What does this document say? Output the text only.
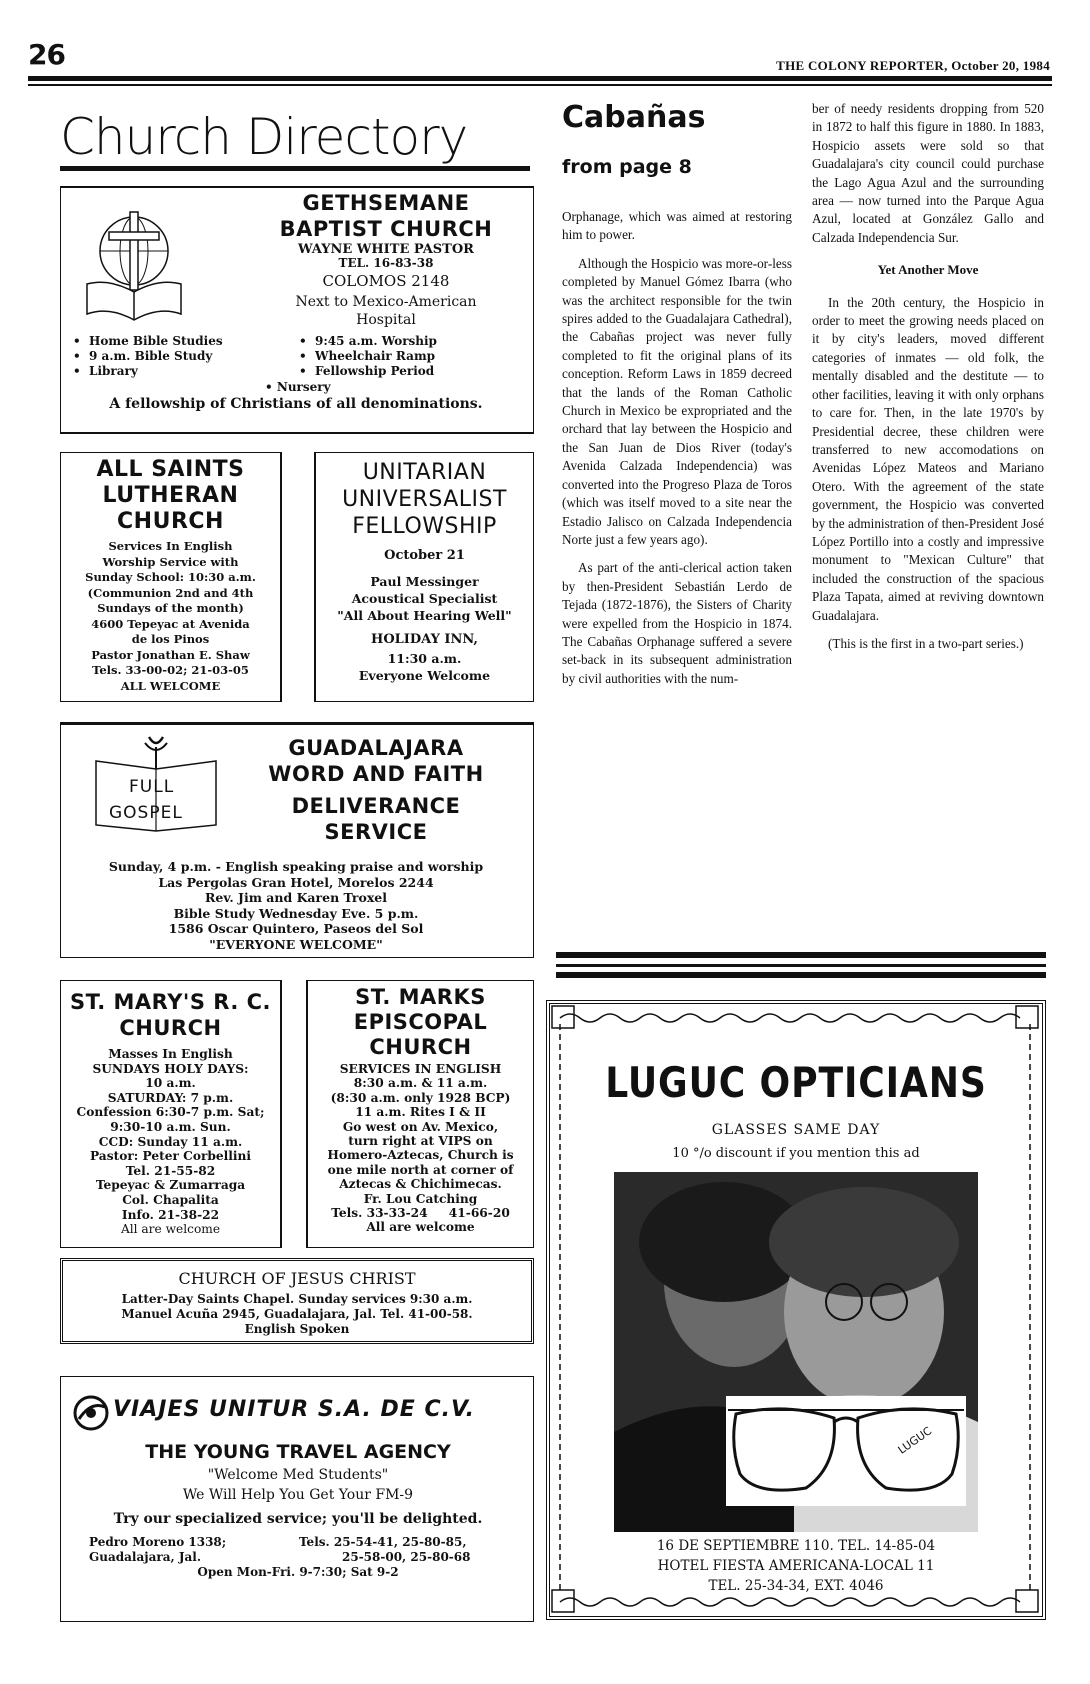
26	THE COLONY REPORTER, October 20, 1984
Church Directory
GETHSEMANE
BAPTIST CHURCH
WAYNE WHITE PASTOR
TEL. 16-83-38
COLOMOS 2148
Next to Mexico-American
Hospital
•  Home Bible Studies
•  9 a.m. Bible Study
•  Library
•  9:45 a.m. Worship
•  Wheelchair Ramp
•  Fellowship Period
• Nursery
A fellowship of Christians of all denominations.
ALL SAINTS
LUTHERAN
CHURCH
Services In English
Worship Service with
Sunday School: 10:30 a.m.
(Communion 2nd and 4th
Sundays of the month)
4600 Tepeyac at Avenida
de los Pinos
Pastor Jonathan E. Shaw
Tels. 33-00-02; 21-03-05
ALL WELCOME
UNITARIAN
UNIVERSALIST
FELLOWSHIP
October 21
Paul Messinger
Acoustical Specialist
"All About Hearing Well"
HOLIDAY INN,
11:30 a.m.
Everyone Welcome
FULL
GOSPEL
GUADALAJARA
WORD AND FAITH
DELIVERANCE
SERVICE
Sunday, 4 p.m. - English speaking praise and worship
Las Pergolas Gran Hotel, Morelos 2244
Rev. Jim and Karen Troxel
Bible Study Wednesday Eve. 5 p.m.
1586 Oscar Quintero, Paseos del Sol
"EVERYONE WELCOME"
ST. MARY'S R. C.
CHURCH
Masses In English
SUNDAYS HOLY DAYS:
10 a.m.
SATURDAY: 7 p.m.
Confession 6:30-7 p.m. Sat;
9:30-10 a.m. Sun.
CCD: Sunday 11 a.m.
Pastor: Peter Corbellini
Tel. 21-55-82
Tepeyac & Zumarraga
Col. Chapalita
Info. 21-38-22
All are welcome
ST. MARKS
EPISCOPAL
CHURCH
SERVICES IN ENGLISH
8:30 a.m. & 11 a.m.
(8:30 a.m. only 1928 BCP)
11 a.m. Rites I & II
Go west on Av. Mexico,
turn right at VIPS on
Homero-Aztecas, Church is
one mile north at corner of
Aztecas & Chichimecas.
Fr. Lou Catching
Tels. 33-33-24     41-66-20
All are welcome
CHURCH OF JESUS CHRIST
Latter-Day Saints Chapel. Sunday services 9:30 a.m.
Manuel Acuña 2945, Guadalajara, Jal. Tel. 41-00-58.
English Spoken
VIAJES UNITUR S.A. DE C.V.
THE YOUNG TRAVEL AGENCY
"Welcome Med Students"
We Will Help You Get Your FM-9
Try our specialized service; you'll be delighted.
Pedro Moreno 1338;
Guadalajara, Jal.
Tels. 25-54-41, 25-80-85,
25-58-00, 25-80-68
Open Mon-Fri. 9-7:30; Sat 9-2
Cabañas
from page 8

Orphanage, which was aimed at restoring him to power.

Although the Hospicio was more-or-less completed by Manuel Gómez Ibarra (who was the architect responsible for the twin spires added to the Guadalajara Cathedral), the Cabañas project was never fully completed to fit the original plans of its conception. Reform Laws in 1859 decreed that the lands of the Roman Catholic Church in Mexico be expropriated and the orchard that lay between the Hospicio and the San Juan de Dios River (today's Avenida Calzada Independencia) was converted into the Progreso Plaza de Toros (which was itself moved to a site near the Estadio Jalisco on Calzada Independencia Norte just a few years ago).

As part of the anti-clerical action taken by then-President Sebastián Lerdo de Tejada (1872-1876), the Sisters of Charity were expelled from the Hospicio in 1874. The Cabañas Orphanage suffered a severe set-back in its subsequent administration by civil authorities with the num-

ber of needy residents dropping from 520 in 1872 to half this figure in 1880. In 1883, Hospicio assets were sold so that Guadalajara's city council could purchase the Lago Agua Azul and the surrounding area — now turned into the Parque Agua Azul, located at González Gallo and Calzada Independencia Sur.

Yet Another Move

In the 20th century, the Hospicio in order to meet the growing needs placed on it by city's leaders, moved different categories of inmates — old folk, the mentally disabled and the destitute — to other facilities, leaving it with only orphans to care for. Then, in the late 1970's by Presidential decree, these children were transferred to new accomodations on Avenidas López Mateos and Mariano Otero. With the agreement of the state government, the Hospicio was converted by the administration of then-President José López Portillo into a costly and impressive monument to "Mexican Culture" that included the construction of the spacious Plaza Tapata, aimed at reviving downtown Guadalajara.

(This is the first in a two-part series.)

LUGUC OPTICIANS
GLASSES SAME DAY
10 °/o discount if you mention this ad
LUGUC
16 DE SEPTIEMBRE 110. TEL. 14-85-04
HOTEL FIESTA AMERICANA-LOCAL 11
TEL. 25-34-34, EXT. 4046
